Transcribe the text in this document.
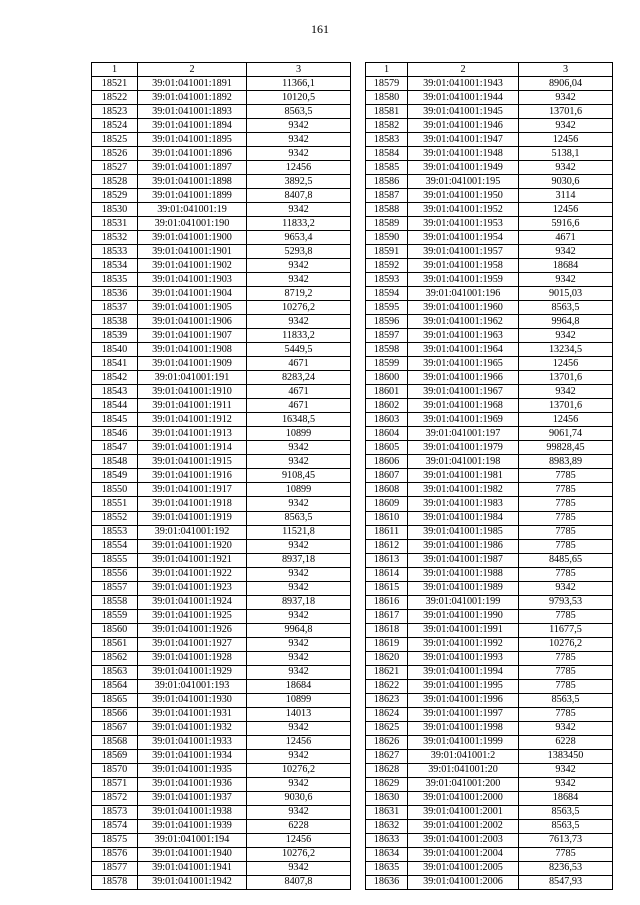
161
1	2	3
18521	39:01:041001:1891	11366,1
18522	39:01:041001:1892	10120,5
18523	39:01:041001:1893	8563,5
18524	39:01:041001:1894	9342
18525	39:01:041001:1895	9342
18526	39:01:041001:1896	9342
18527	39:01:041001:1897	12456
18528	39:01:041001:1898	3892,5
18529	39:01:041001:1899	8407,8
18530	39:01:041001:19	9342
18531	39:01:041001:190	11833,2
18532	39:01:041001:1900	9653,4
18533	39:01:041001:1901	5293,8
18534	39:01:041001:1902	9342
18535	39:01:041001:1903	9342
18536	39:01:041001:1904	8719,2
18537	39:01:041001:1905	10276,2
18538	39:01:041001:1906	9342
18539	39:01:041001:1907	11833,2
18540	39:01:041001:1908	5449,5
18541	39:01:041001:1909	4671
18542	39:01:041001:191	8283,24
18543	39:01:041001:1910	4671
18544	39:01:041001:1911	4671
18545	39:01:041001:1912	16348,5
18546	39:01:041001:1913	10899
18547	39:01:041001:1914	9342
18548	39:01:041001:1915	9342
18549	39:01:041001:1916	9108,45
18550	39:01:041001:1917	10899
18551	39:01:041001:1918	9342
18552	39:01:041001:1919	8563,5
18553	39:01:041001:192	11521,8
18554	39:01:041001:1920	9342
18555	39:01:041001:1921	8937,18
18556	39:01:041001:1922	9342
18557	39:01:041001:1923	9342
18558	39:01:041001:1924	8937,18
18559	39:01:041001:1925	9342
18560	39:01:041001:1926	9964,8
18561	39:01:041001:1927	9342
18562	39:01:041001:1928	9342
18563	39:01:041001:1929	9342
18564	39:01:041001:193	18684
18565	39:01:041001:1930	10899
18566	39:01:041001:1931	14013
18567	39:01:041001:1932	9342
18568	39:01:041001:1933	12456
18569	39:01:041001:1934	9342
18570	39:01:041001:1935	10276,2
18571	39:01:041001:1936	9342
18572	39:01:041001:1937	9030,6
18573	39:01:041001:1938	9342
18574	39:01:041001:1939	6228
18575	39:01:041001:194	12456
18576	39:01:041001:1940	10276,2
18577	39:01:041001:1941	9342
18578	39:01:041001:1942	8407,8
1	2	3
18579	39:01:041001:1943	8906,04
18580	39:01:041001:1944	9342
18581	39:01:041001:1945	13701,6
18582	39:01:041001:1946	9342
18583	39:01:041001:1947	12456
18584	39:01:041001:1948	5138,1
18585	39:01:041001:1949	9342
18586	39:01:041001:195	9030,6
18587	39:01:041001:1950	3114
18588	39:01:041001:1952	12456
18589	39:01:041001:1953	5916,6
18590	39:01:041001:1954	4671
18591	39:01:041001:1957	9342
18592	39:01:041001:1958	18684
18593	39:01:041001:1959	9342
18594	39:01:041001:196	9015,03
18595	39:01:041001:1960	8563,5
18596	39:01:041001:1962	9964,8
18597	39:01:041001:1963	9342
18598	39:01:041001:1964	13234,5
18599	39:01:041001:1965	12456
18600	39:01:041001:1966	13701,6
18601	39:01:041001:1967	9342
18602	39:01:041001:1968	13701,6
18603	39:01:041001:1969	12456
18604	39:01:041001:197	9061,74
18605	39:01:041001:1979	99828,45
18606	39:01:041001:198	8983,89
18607	39:01:041001:1981	7785
18608	39:01:041001:1982	7785
18609	39:01:041001:1983	7785
18610	39:01:041001:1984	7785
18611	39:01:041001:1985	7785
18612	39:01:041001:1986	7785
18613	39:01:041001:1987	8485,65
18614	39:01:041001:1988	7785
18615	39:01:041001:1989	9342
18616	39:01:041001:199	9793,53
18617	39:01:041001:1990	7785
18618	39:01:041001:1991	11677,5
18619	39:01:041001:1992	10276,2
18620	39:01:041001:1993	7785
18621	39:01:041001:1994	7785
18622	39:01:041001:1995	7785
18623	39:01:041001:1996	8563,5
18624	39:01:041001:1997	7785
18625	39:01:041001:1998	9342
18626	39:01:041001:1999	6228
18627	39:01:041001:2	1383450
18628	39:01:041001:20	9342
18629	39:01:041001:200	9342
18630	39:01:041001:2000	18684
18631	39:01:041001:2001	8563,5
18632	39:01:041001:2002	8563,5
18633	39:01:041001:2003	7613,73
18634	39:01:041001:2004	7785
18635	39:01:041001:2005	8236,53
18636	39:01:041001:2006	8547,93
